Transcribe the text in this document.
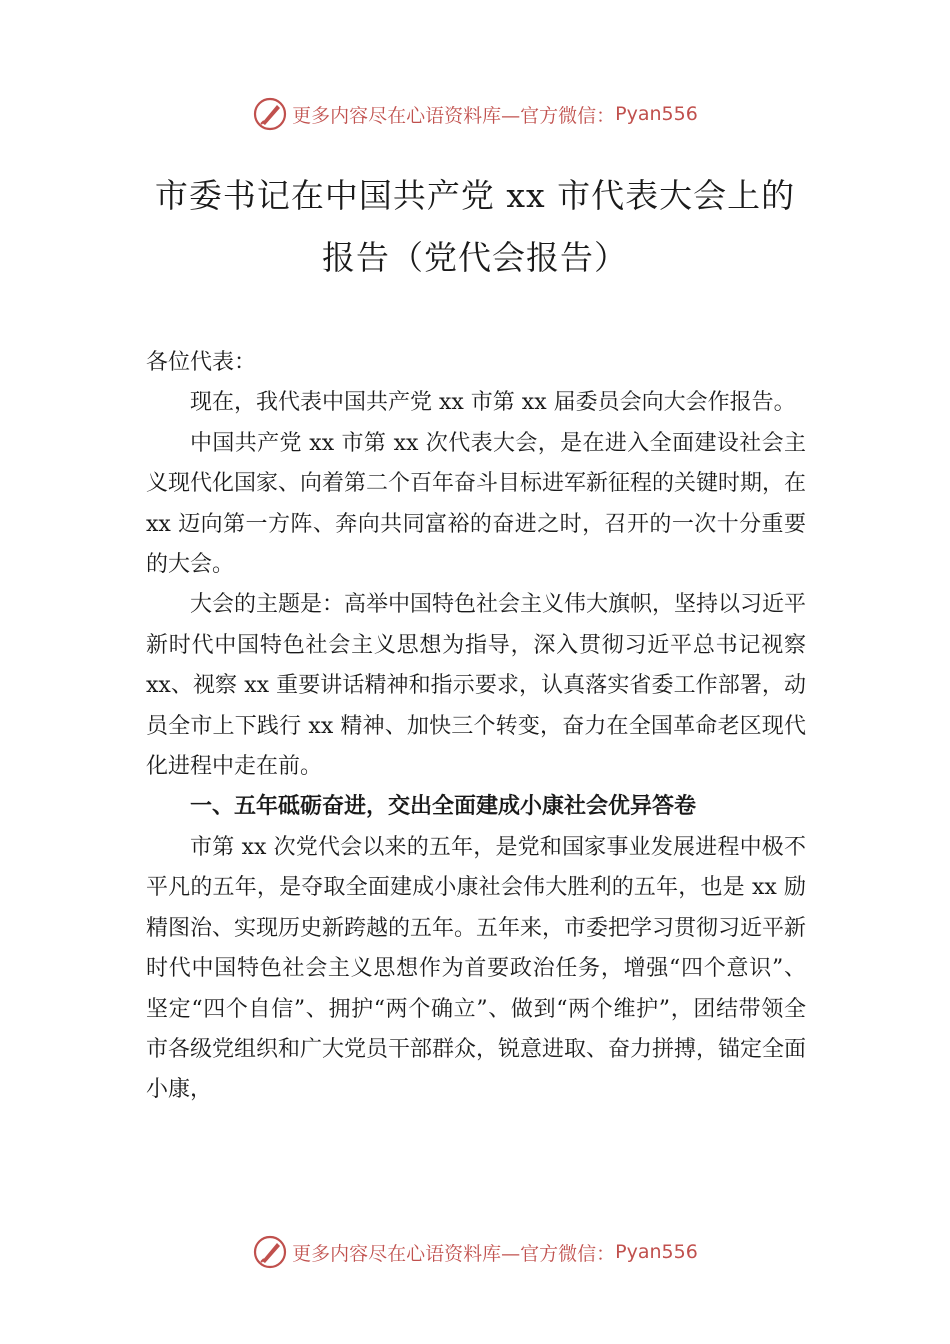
更多内容尽在心语资料库—官方微信： Pyan556
市委书记在中国共产党 xx 市代表大会上的
报告（党代会报告）

各位代表：

现在，我代表中国共产党 xx 市第 xx 届委员会向大会作报告。

中国共产党 xx 市第 xx 次代表大会，是在进入全面建设社会主义现代化国家、向着第二个百年奋斗目标进军新征程的关键时期，在 xx 迈向第一方阵、奔向共同富裕的奋进之时，召开的一次十分重要的大会。

大会的主题是：高举中国特色社会主义伟大旗帜，坚持以习近平新时代中国特色社会主义思想为指导，深入贯彻习近平总书记视察 xx、视察 xx 重要讲话精神和指示要求，认真落实省委工作部署，动员全市上下践行 xx 精神、加快三个转变，奋力在全国革命老区现代化进程中走在前。

一、五年砥砺奋进，交出全面建成小康社会优异答卷

市第 xx 次党代会以来的五年，是党和国家事业发展进程中极不平凡的五年，是夺取全面建成小康社会伟大胜利的五年，也是 xx 励精图治、实现历史新跨越的五年。五年来，市委把学习贯彻习近平新时代中国特色社会主义思想作为首要政治任务，增强“四个意识”、坚定“四个自信”、拥护“两个确立”、做到“两个维护”，团结带领全市各级党组织和广大党员干部群众，锐意进取、奋力拼搏，锚定全面小康，

更多内容尽在心语资料库—官方微信： Pyan556
